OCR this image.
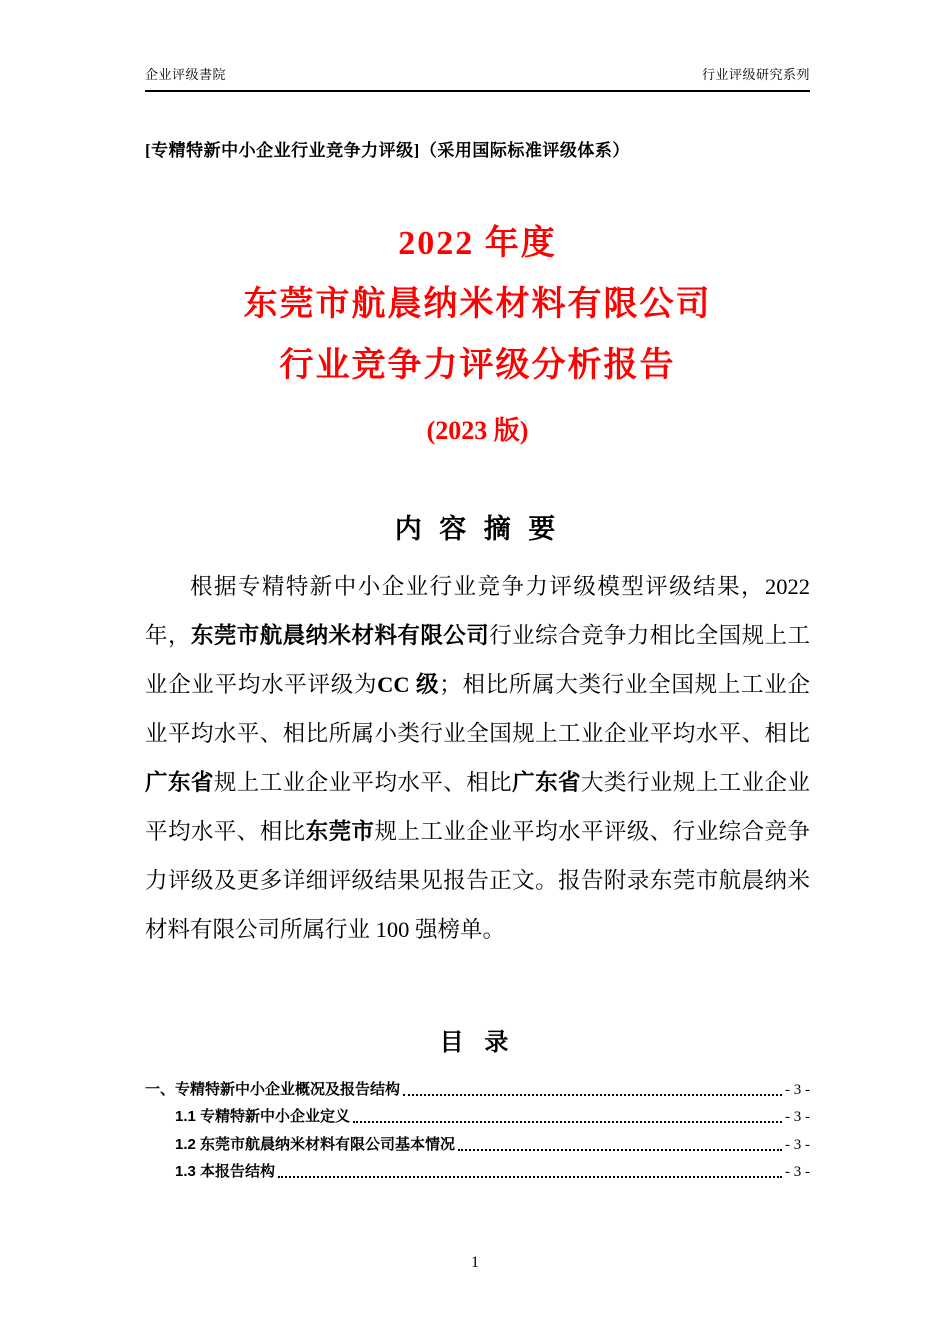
企业评级書院	行业评级研究系列

[专精特新中小企业行业竞争力评级]（采用国际标准评级体系）

2022 年度
东莞市航晨纳米材料有限公司
行业竞争力评级分析报告
(2023 版)
内 容 摘 要

根据专精特新中小企业行业竞争力评级模型评级结果，2022 年，东莞市航晨纳米材料有限公司行业综合竞争力相比全国规上工业企业平均水平评级为CC 级；相比所属大类行业全国规上工业企业平均水平、相比所属小类行业全国规上工业企业平均水平、相比广东省规上工业企业平均水平、相比广东省大类行业规上工业企业平均水平、相比东莞市规上工业企业平均水平评级、行业综合竞争力评级及更多详细评级结果见报告正文。报告附录东莞市航晨纳米材料有限公司所属行业 100 强榜单。

目 录
一、专精特新中小企业概况及报告结构	- 3 -
1.1 专精特新中小企业定义	- 3 -
1.2 东莞市航晨纳米材料有限公司基本情况	- 3 -
1.3 本报告结构	- 3 -
1
